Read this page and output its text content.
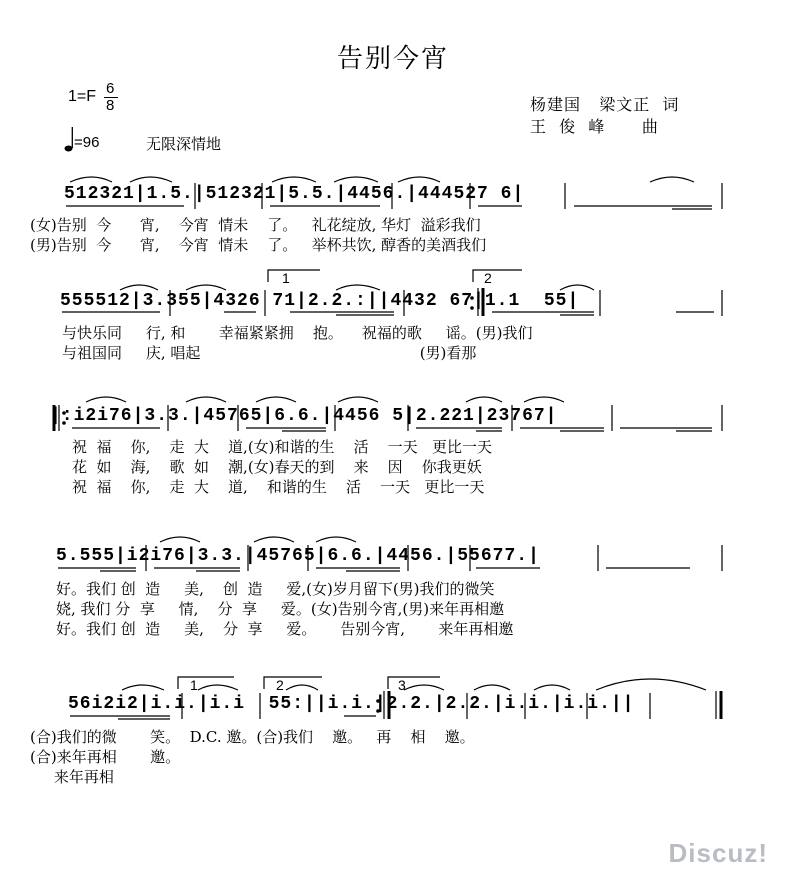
告别今宵
1=F 6
8
=96	无限深情地
杨建国   梁文正  词
王  俊  峰      曲
1	2
1	2	3
512321|1.5.|512321|5.5.|4456.|444527 6|
(女)告别  今      宵,    今宵  情未    了。   礼花绽放, 华灯  溢彩我们
(男)告别  今      宵,    今宵  情未    了。   举杯共饮, 醇香的美酒我们
555512|3.355|4326 71|2.2.:||4432 67|1.1  55|
与快乐同     行, 和       幸福紧紧拥    抱。    祝福的歌     谣。(男)我们
与祖国同     庆, 唱起                                              (男)看那
|:i2i76|3.3.|45765|6.6.|4456 5|2.221|23767|
祝  福    你,    走  大    道,(女)和谐的生    活    一天   更比一天
花  如    海,    歌  如    潮,(女)春天的到    来    因    你我更妖
祝  福    你,    走  大    道,    和谐的生    活    一天   更比一天
5.555|i2i76|3.3.|45765|6.6.|4456.|55677.|
好。我们 创  造     美,    创  造     爱,(女)岁月留下(男)我们的微笑
娆, 我们 分  享     情,    分  享     爱。(女)告别今宵,(男)来年再相邀
好。我们 创  造     美,    分  享     爱。     告别今宵,       来年再相邀
56i2i2|i.i.|i.i  55:||i.i.|2.2.|2.2.|i.i.|i.i.||
(合)我们的微       笑。  D.C. 邀。(合)我们    邀。   再    相    邀。
(合)来年再相       邀。
来年再相
Discuz!
